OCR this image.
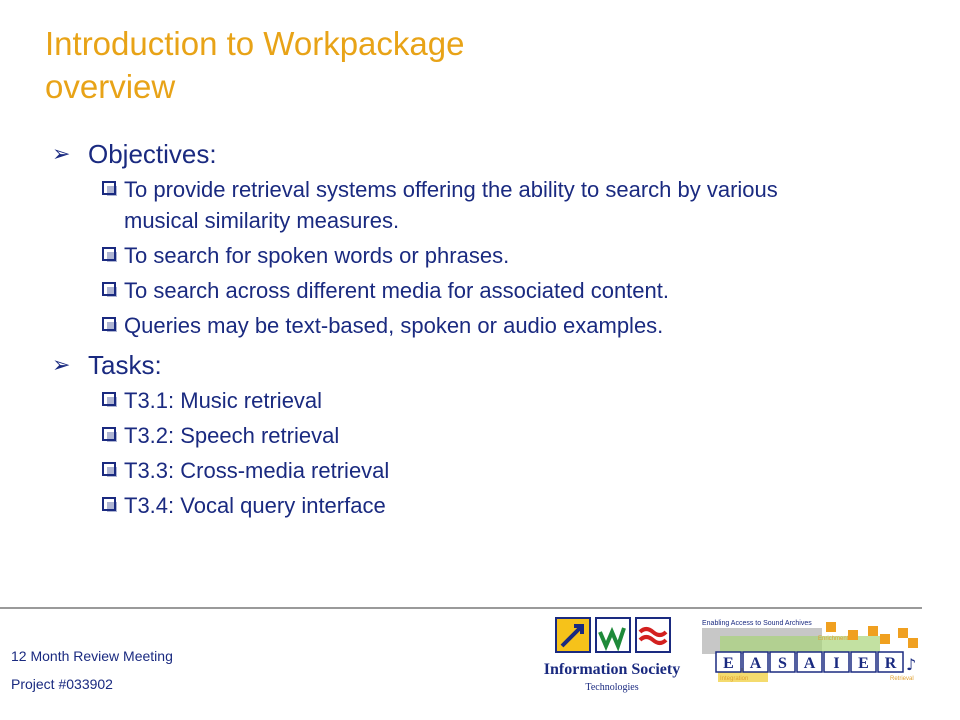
Introduction to Workpackage
overview
➢ Objectives:
To provide retrieval systems offering the ability to search by various musical similarity measures.
To search for spoken words or phrases.
To search across different media for associated content.
Queries may be text-based, spoken or audio examples.
➢ Tasks:
T3.1: Music retrieval
T3.2: Speech retrieval
T3.3: Cross-media retrieval
T3.4: Vocal query interface
12 Month Review Meeting
Project #033902
Information Society
Technologies
Enabling Access to Sound Archives
Enrichment
E A S A I E R ♪
Integration	Retrieval
